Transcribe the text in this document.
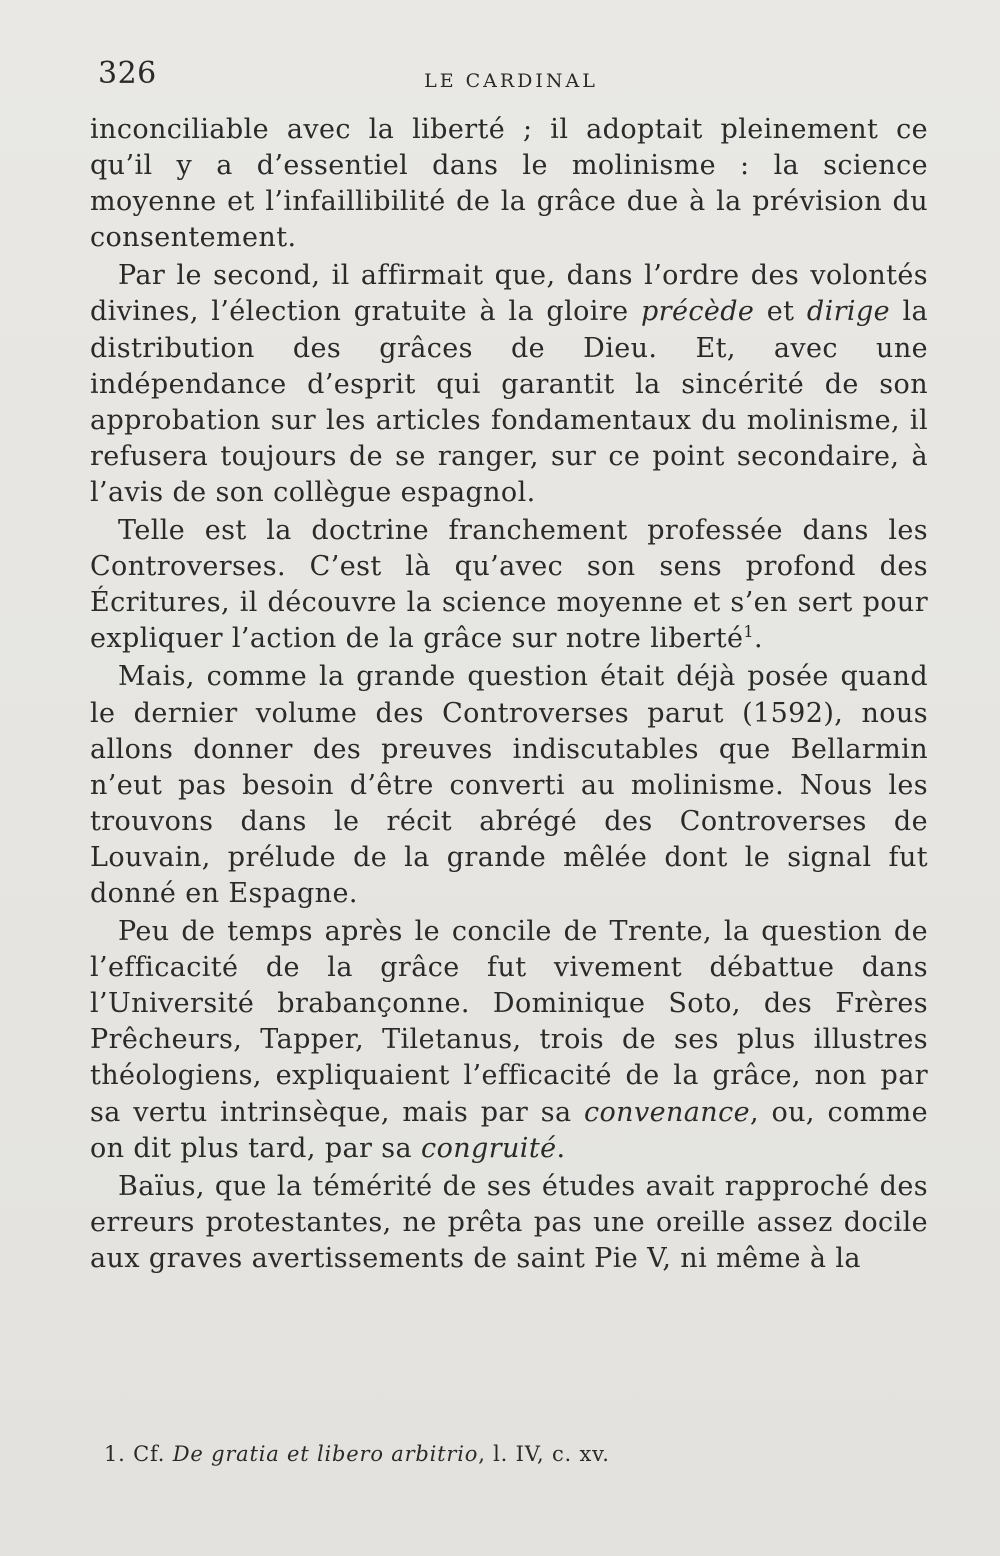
326	LE CARDINAL

inconciliable avec la liberté ; il adoptait pleinement ce qu’il y a d’essentiel dans le molinisme : la science moyenne et l’infaillibilité de la grâce due à la prévision du consentement.

Par le second, il affirmait que, dans l’ordre des volontés divines, l’élection gratuite à la gloire précède et dirige la distribution des grâces de Dieu. Et, avec une indépendance d’esprit qui garantit la sincérité de son approbation sur les articles fondamentaux du molinisme, il refusera toujours de se ranger, sur ce point secondaire, à l’avis de son collègue espagnol.

Telle est la doctrine franchement professée dans les Controverses. C’est là qu’avec son sens profond des Écritures, il découvre la science moyenne et s’en sert pour expliquer l’action de la grâce sur notre liberté$^1$.

Mais, comme la grande question était déjà posée quand le dernier volume des Controverses parut (1592), nous allons donner des preuves indiscutables que Bellarmin n’eut pas besoin d’être converti au molinisme. Nous les trouvons dans le récit abrégé des Controverses de Louvain, prélude de la grande mêlée dont le signal fut donné en Espagne.

Peu de temps après le concile de Trente, la question de l’efficacité de la grâce fut vivement débattue dans l’Université brabançonne. Dominique Soto, des Frères Prêcheurs, Tapper, Tiletanus, trois de ses plus illustres théologiens, expliquaient l’efficacité de la grâce, non par sa vertu intrinsèque, mais par sa convenance, ou, comme on dit plus tard, par sa congruité.

Baïus, que la témérité de ses études avait rapproché des erreurs protestantes, ne prêta pas une oreille assez docile aux graves avertissements de saint Pie V, ni même à la

1. Cf. De gratia et libero arbitrio, l. IV, c. xv.
